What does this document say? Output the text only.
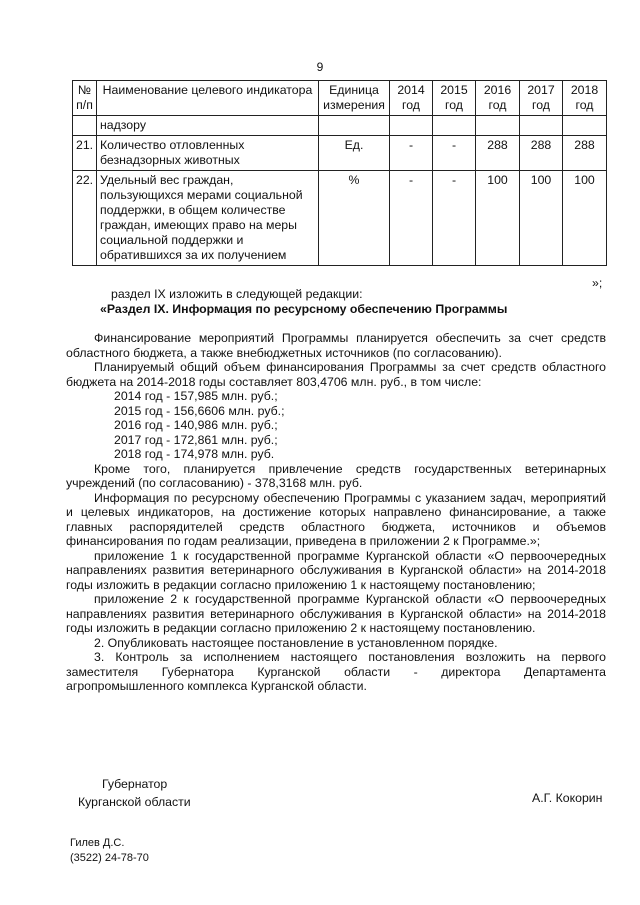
9
№ п/п	Наименование целевого индикатора	Единица измерения	2014 год	2015 год	2016 год	2017 год	2018 год
	надзору						
21.	Количество отловленных безнадзорных животных	Ед.	-	-	288	288	288
22.	Удельный вес граждан, пользующихся мерами социальной поддержки, в общем количестве граждан, имеющих право на меры социальной поддержки и обратившихся за их получением	%	-	-	100	100	100
»;

раздел IX изложить в следующей редакции:

«Раздел IX. Информация по ресурсному обеспечению Программы

Финансирование мероприятий Программы планируется обеспечить за счет средств областного бюджета, а также внебюджетных источников (по согласованию).

Планируемый общий объем финансирования Программы за счет средств областного бюджета на 2014-2018 годы составляет 803,4706 млн. руб., в том числе:

2014 год - 157,985 млн. руб.;

2015 год - 156,6606 млн. руб.;

2016 год - 140,986 млн. руб.;

2017 год - 172,861 млн. руб.;

2018 год - 174,978 млн. руб.

Кроме того, планируется привлечение средств государственных ветеринарных учреждений (по согласованию) - 378,3168 млн. руб.

Информация по ресурсному обеспечению Программы с указанием задач, мероприятий и целевых индикаторов, на достижение которых направлено финансирование, а также главных распорядителей средств областного бюджета, источников и объемов финансирования по годам реализации, приведена в приложении 2 к Программе.»;

приложение 1 к государственной программе Курганской области «О первоочередных направлениях развития ветеринарного обслуживания в Курганской области» на 2014-2018 годы изложить в редакции согласно приложению 1 к настоящему постановлению;

приложение 2 к государственной программе Курганской области «О первоочередных направлениях развития ветеринарного обслуживания в Курганской области» на 2014-2018 годы изложить в редакции согласно приложению 2 к настоящему постановлению.

2. Опубликовать настоящее постановление в установленном порядке.

3. Контроль за исполнением настоящего постановления возложить на первого заместителя Губернатора Курганской области - директора Департамента агропромышленного комплекса Курганской области.

Губернатор
Курганской области	А.Г. Кокорин
Гилев Д.С.
(3522) 24-78-70
